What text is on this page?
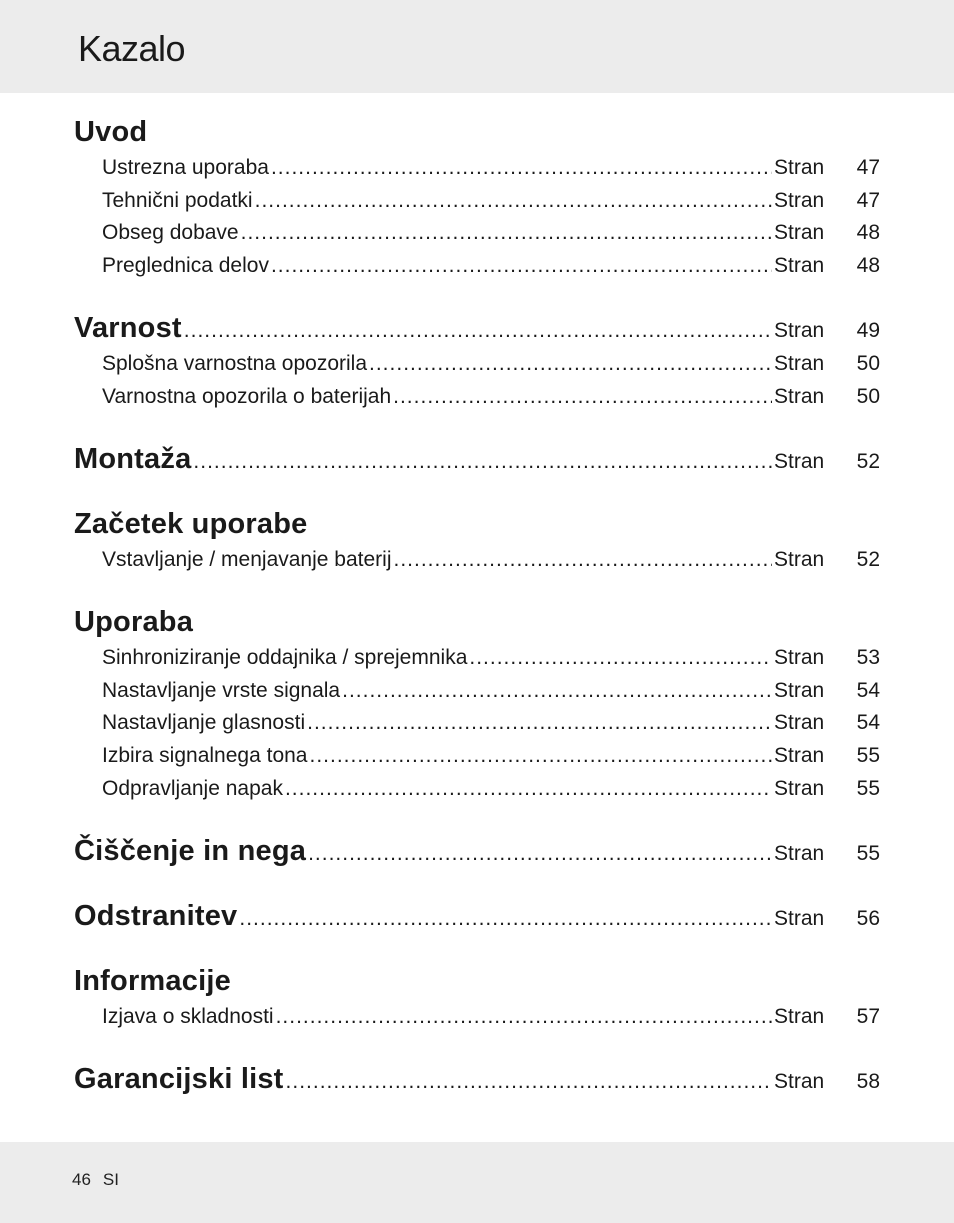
Kazalo
Uvod
Ustrezna uporaba .....	Stran	47
Tehnični podatki .....	Stran	47
Obseg dobave .....	Stran	48
Preglednica delov .....	Stran	48
Varnost .....	Stran	49
Splošna varnostna opozorila .....	Stran	50
Varnostna opozorila o baterijah .....	Stran	50
Montaža .....	Stran	52
Začetek uporabe
Vstavljanje / menjavanje baterij .....	Stran	52
Uporaba
Sinhroniziranje oddajnika / sprejemnika .....	Stran	53
Nastavljanje vrste signala .....	Stran	54
Nastavljanje glasnosti .....	Stran	54
Izbira signalnega tona .....	Stran	55
Odpravljanje napak .....	Stran	55
Čiščenje in nega .....	Stran	55
Odstranitev .....	Stran	56
Informacije
Izjava o skladnosti .....	Stran	57
Garancijski list .....	Stran	58
46 SI
